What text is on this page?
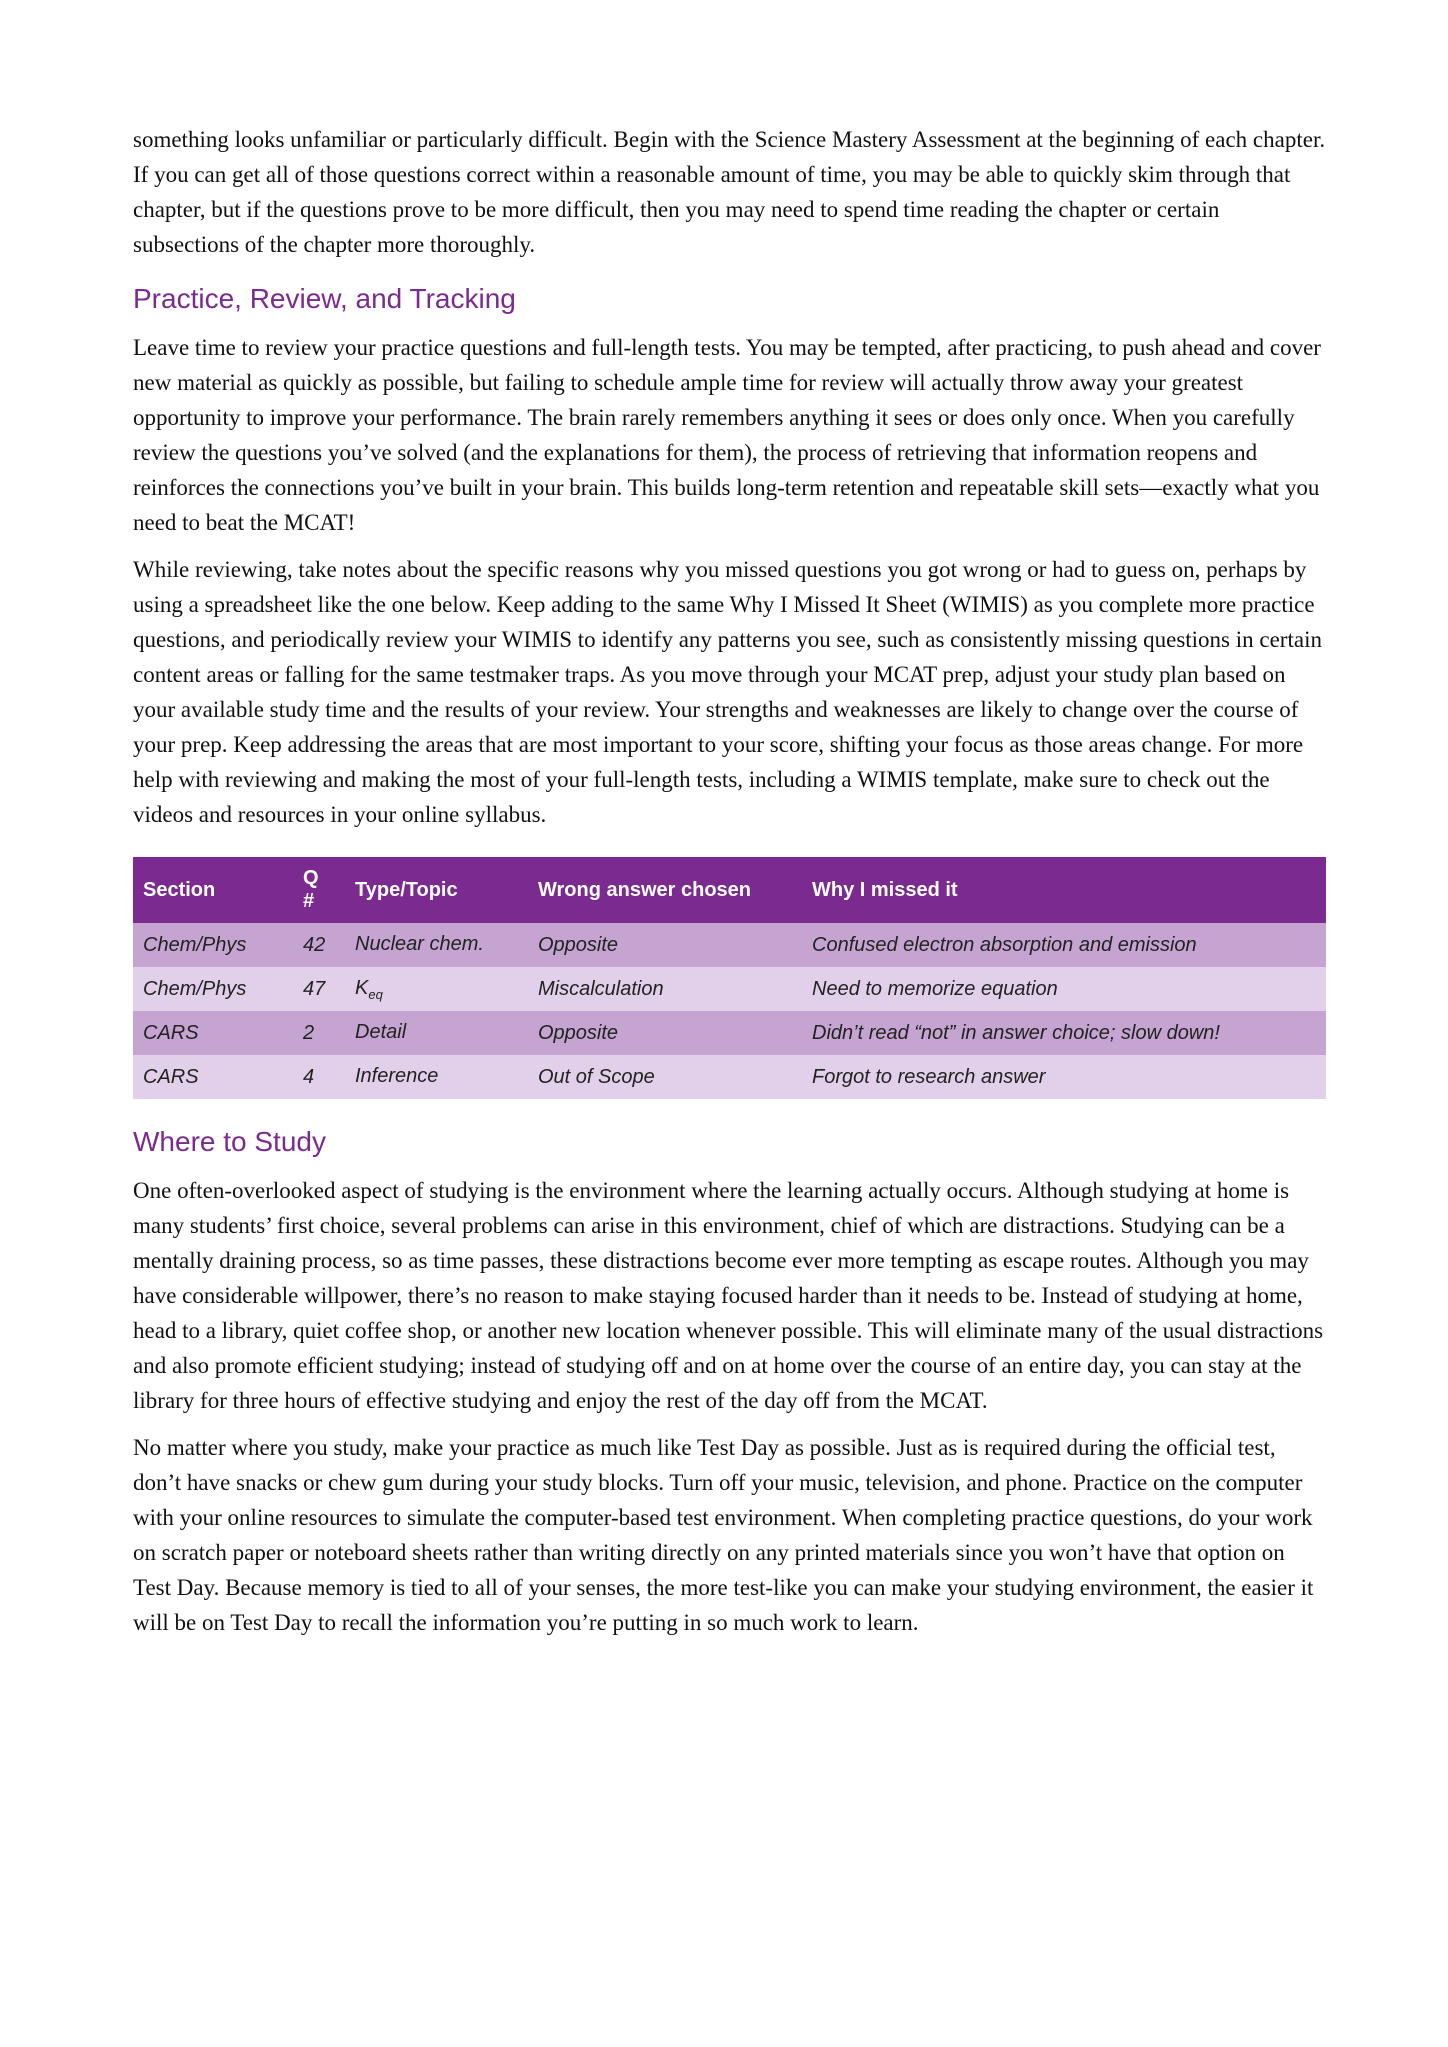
something looks unfamiliar or particularly difficult. Begin with the Science Mastery Assessment at the beginning of each chapter. If you can get all of those questions correct within a reasonable amount of time, you may be able to quickly skim through that chapter, but if the questions prove to be more difficult, then you may need to spend time reading the chapter or certain subsections of the chapter more thoroughly.

Practice, Review, and Tracking

Leave time to review your practice questions and full-length tests. You may be tempted, after practicing, to push ahead and cover new material as quickly as possible, but failing to schedule ample time for review will actually throw away your greatest opportunity to improve your performance. The brain rarely remembers anything it sees or does only once. When you carefully review the questions you’ve solved (and the explanations for them), the process of retrieving that information reopens and reinforces the connections you’ve built in your brain. This builds long-term retention and repeatable skill sets—exactly what you need to beat the MCAT!

While reviewing, take notes about the specific reasons why you missed questions you got wrong or had to guess on, perhaps by using a spreadsheet like the one below. Keep adding to the same Why I Missed It Sheet (WIMIS) as you complete more practice questions, and periodically review your WIMIS to identify any patterns you see, such as consistently missing questions in certain content areas or falling for the same testmaker traps. As you move through your MCAT prep, adjust your study plan based on your available study time and the results of your review. Your strengths and weaknesses are likely to change over the course of your prep. Keep addressing the areas that are most important to your score, shifting your focus as those areas change. For more help with reviewing and making the most of your full-length tests, including a WIMIS template, make sure to check out the videos and resources in your online syllabus.

Section	Q #	Type/Topic	Wrong answer chosen	Why I missed it
Chem/Phys	42	Nuclear chem.	Opposite	Confused electron absorption and emission
Chem/Phys	47	$K_{eq}$	Miscalculation	Need to memorize equation
CARS	2	Detail	Opposite	Didn’t read “not” in answer choice; slow down!
CARS	4	Inference	Out of Scope	Forgot to research answer
Where to Study

One often-overlooked aspect of studying is the environment where the learning actually occurs. Although studying at home is many students’ first choice, several problems can arise in this environment, chief of which are distractions. Studying can be a mentally draining process, so as time passes, these distractions become ever more tempting as escape routes. Although you may have considerable willpower, there’s no reason to make staying focused harder than it needs to be. Instead of studying at home, head to a library, quiet coffee shop, or another new location whenever possible. This will eliminate many of the usual distractions and also promote efficient studying; instead of studying off and on at home over the course of an entire day, you can stay at the library for three hours of effective studying and enjoy the rest of the day off from the MCAT.

No matter where you study, make your practice as much like Test Day as possible. Just as is required during the official test, don’t have snacks or chew gum during your study blocks. Turn off your music, television, and phone. Practice on the computer with your online resources to simulate the computer-based test environment. When completing practice questions, do your work on scratch paper or noteboard sheets rather than writing directly on any printed materials since you won’t have that option on Test Day. Because memory is tied to all of your senses, the more test-like you can make your studying environment, the easier it will be on Test Day to recall the information you’re putting in so much work to learn.
